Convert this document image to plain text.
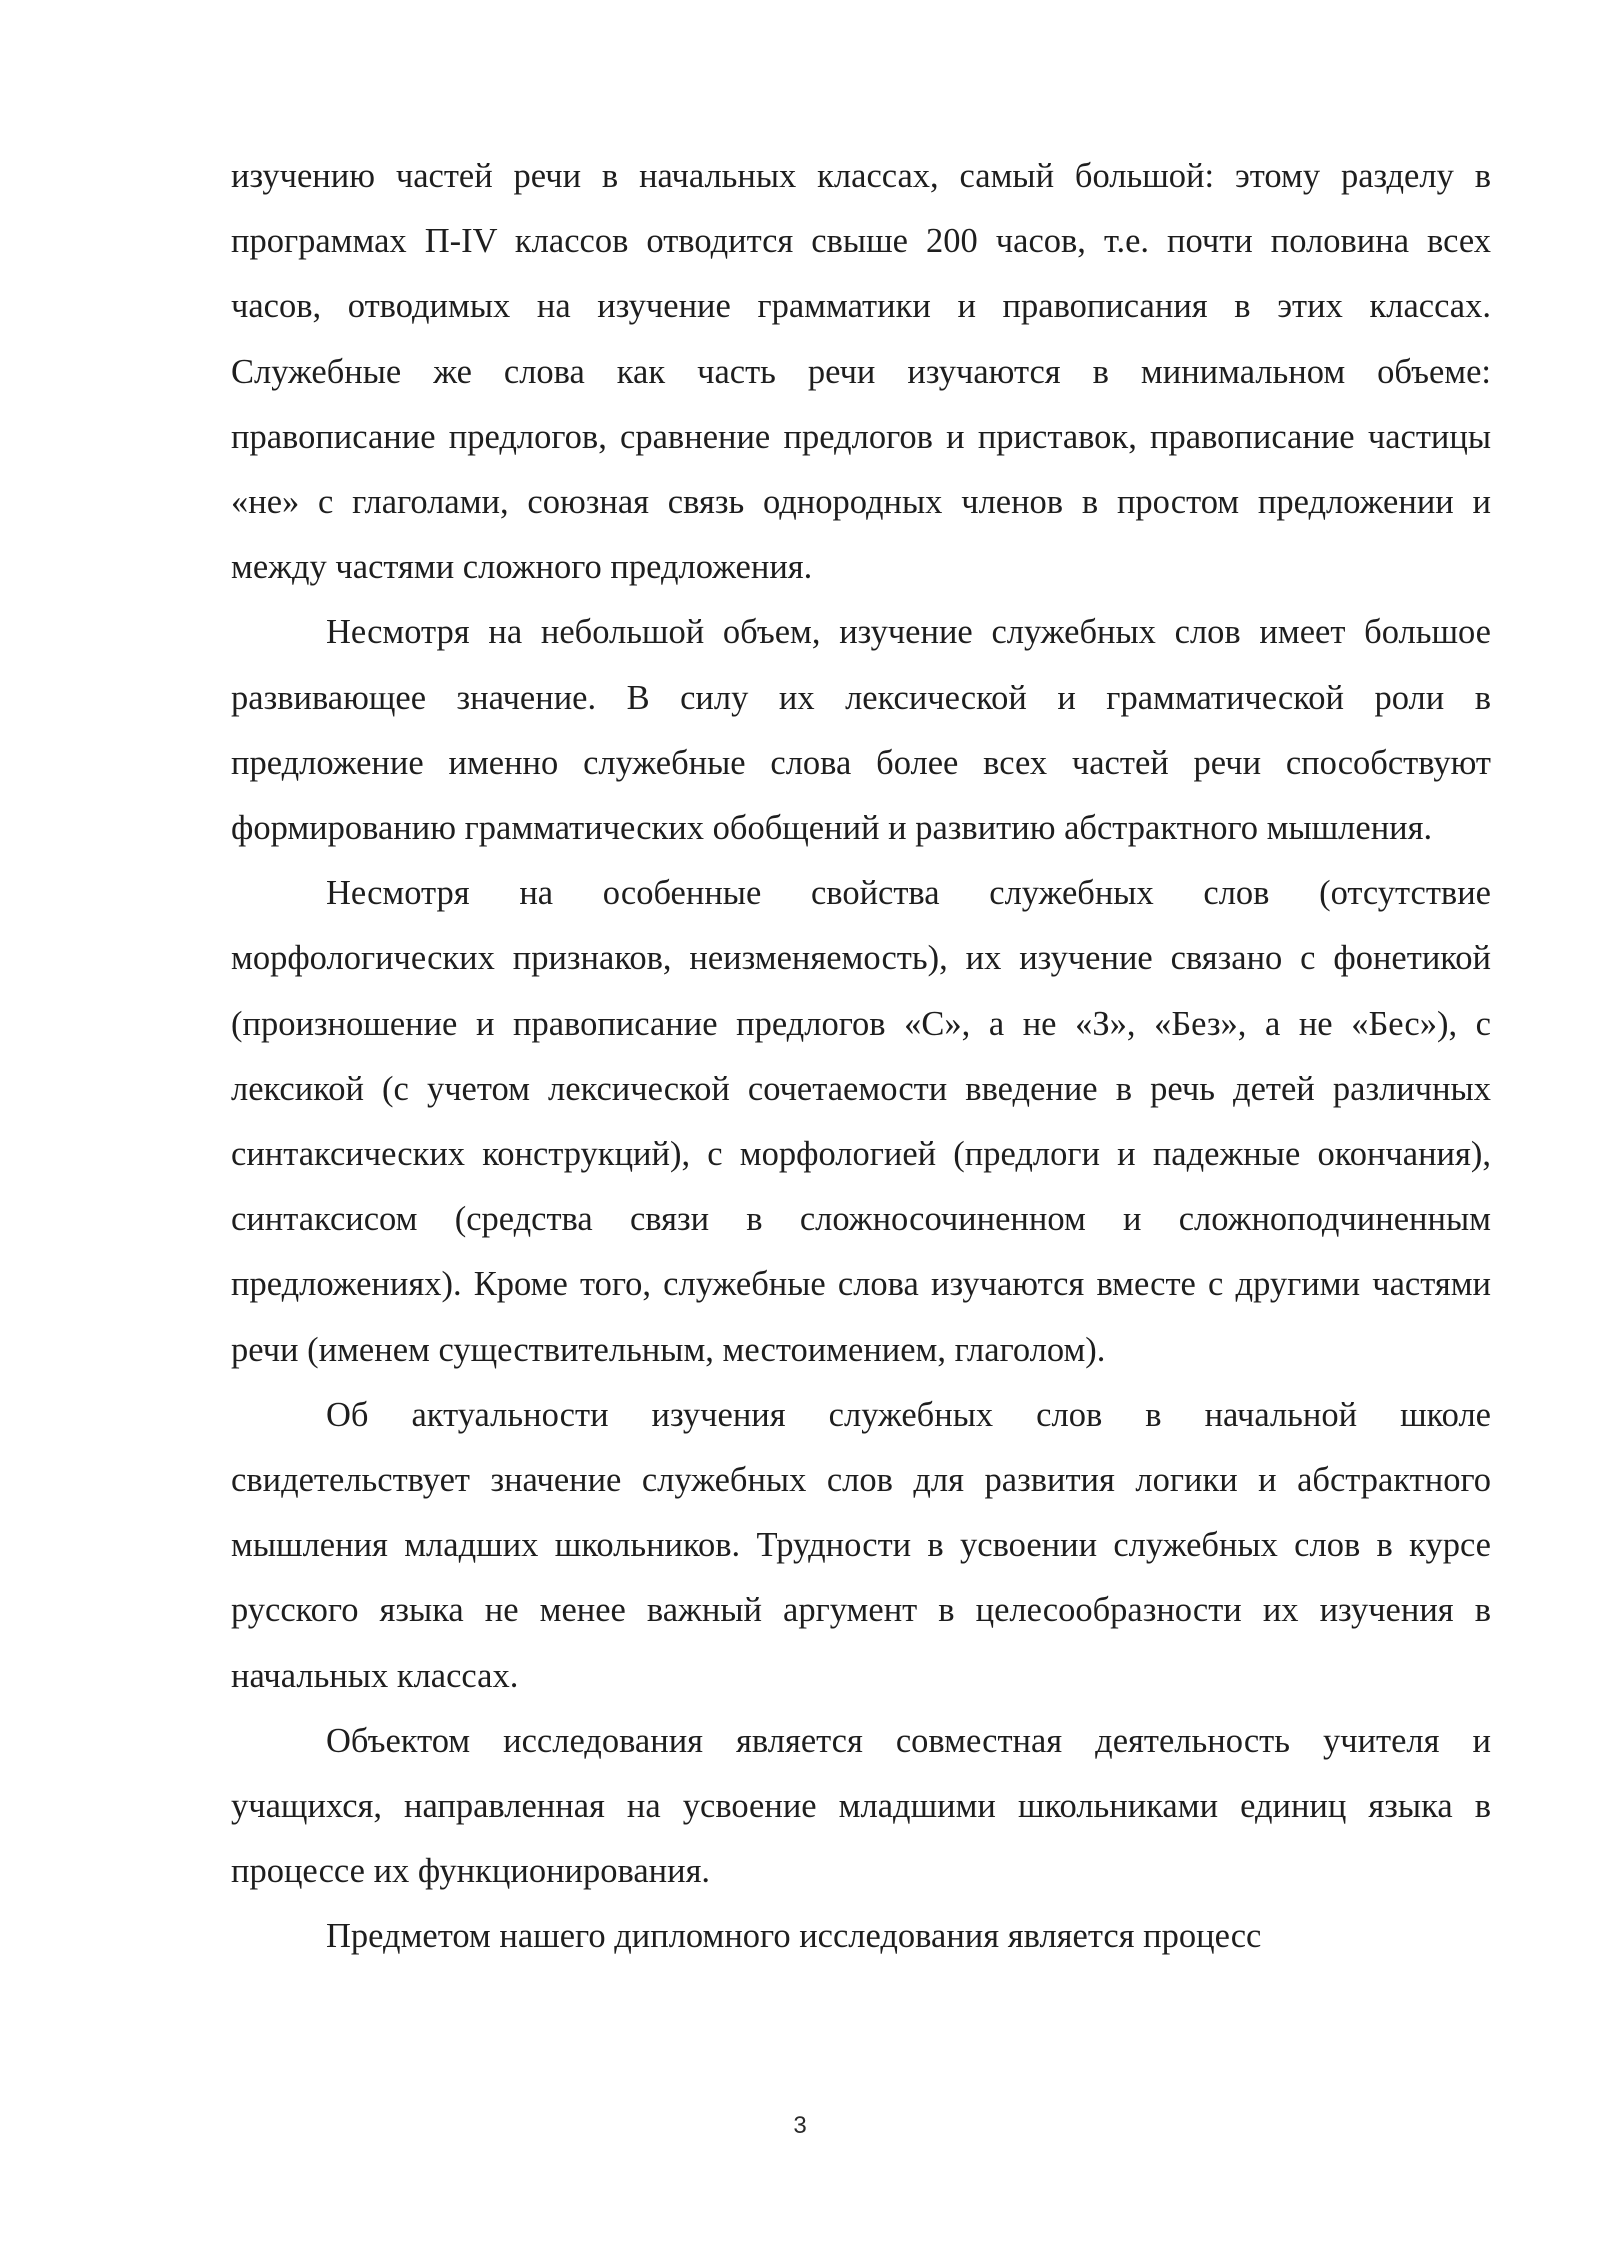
изучению частей речи в начальных классах, самый большой: этому разделу в программах П-IV классов отводится свыше 200 часов, т.е. почти половина всех часов, отводимых на изучение грамматики и правописания в этих классах. Служебные же слова как часть речи изучаются в минимальном объеме: правописание предлогов, сравнение предлогов и приставок, правописание частицы «не» с глаголами, союзная связь однородных членов в простом предложении и между частями сложного предложения.

Несмотря на небольшой объем, изучение служебных слов имеет большое развивающее значение. В силу их лексической и грамматической роли в предложение именно служебные слова более всех частей речи способствуют формированию грамматических обобщений и развитию абстрактного мышления.

Несмотря на особенные свойства служебных слов (отсутствие морфологических признаков, неизменяемость), их изучение связано с фонетикой (произношение и правописание предлогов «С», а не «З», «Без», а не «Бес»), с лексикой (с учетом лексической сочетаемости введение в речь детей различных синтаксических конструкций), с морфологией (предлоги и падежные окончания), синтаксисом (средства связи в сложносочиненном и сложноподчиненным предложениях). Кроме того, служебные слова изучаются вместе с другими частями речи (именем существительным, местоимением, глаголом).

Об актуальности изучения служебных слов в начальной школе свидетельствует значение служебных слов для развития логики и абстрактного мышления младших школьников. Трудности в усвоении служебных слов в курсе русского языка не менее важный аргумент в целесообразности их изучения в начальных классах.

Объектом исследования является совместная деятельность учителя и учащихся, направленная на усвоение младшими школьниками единиц языка в процессе их функционирования.

Предметом нашего дипломного исследования является процесс

3
